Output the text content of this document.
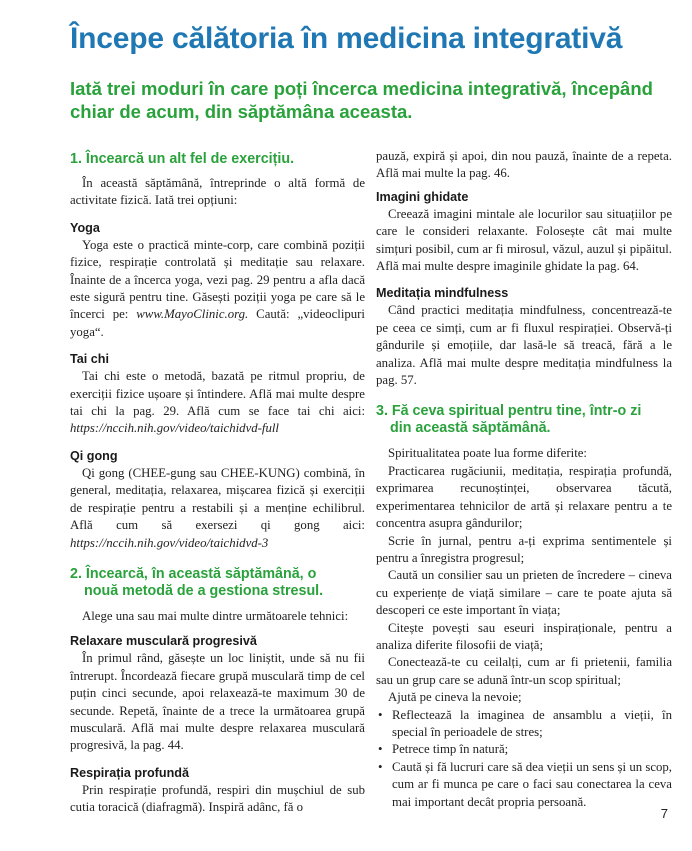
Începe călătoria în medicina integrativă
Iată trei moduri în care poți încerca medicina integrativă, începând chiar de acum, din săptămâna aceasta.
1. Încearcă un alt fel de exercițiu.

În această săptămână, întreprinde o altă formă de activitate fizică. Iată trei opțiuni:

Yoga

Yoga este o practică minte-corp, care combină poziții fizice, respirație controlată și meditație sau relaxare. Înainte de a încerca yoga, vezi pag. 29 pentru a afla dacă este sigură pentru tine. Găsești poziții yoga pe care să le încerci pe: www.MayoClinic.org. Caută: „videoclipuri yoga“.

Tai chi

Tai chi este o metodă, bazată pe ritmul propriu, de exerciții fizice ușoare și întindere. Află mai multe despre tai chi la pag. 29. Află cum se face tai chi aici: https://nccih.nih.gov/video/taichidvd-full

Qi gong

Qi gong (CHEE-gung sau CHEE-KUNG) combină, în general, meditația, relaxarea, mișcarea fizică și exerciții de respirație pentru a restabili și a menține echilibrul. Află cum să exersezi qi gong aici: https://nccih.nih.gov/video/taichidvd-3

2. Încearcă, în această săptămână, o
nouă metodă de a gestiona stresul.

Alege una sau mai multe dintre următoarele tehnici:

Relaxare musculară progresivă

În primul rând, găsește un loc liniștit, unde să nu fii întrerupt. Încordează fiecare grupă musculară timp de cel puțin cinci secunde, apoi relaxează-te maximum 30 de secunde. Repetă, înainte de a trece la următoarea grupă musculară. Află mai multe despre relaxarea musculară progresivă, la pag. 44.

Respirația profundă

Prin respirație profundă, respiri din mușchiul de sub cutia toracică (diafragmă). Inspiră adânc, fă o

pauză, expiră și apoi, din nou pauză, înainte de a repeta. Află mai multe la pag. 46.

Imagini ghidate

Creează imagini mintale ale locurilor sau situațiilor pe care le consideri relaxante. Folosește cât mai multe simțuri posibil, cum ar fi mirosul, văzul, auzul și pipăitul. Află mai multe despre imaginile ghidate la pag. 64.

Meditația mindfulness

Când practici meditația mindfulness, concentrează-te pe ceea ce simți, cum ar fi fluxul respirației. Observă-ți gândurile și emoțiile, dar lasă-le să treacă, fără a le analiza. Află mai multe despre meditația mindfulness la pag. 57.

3. Fă ceva spiritual pentru tine, într-o zi
din această săptămână.

Spiritualitatea poate lua forme diferite:

Practicarea rugăciunii, meditația, respirația profundă, exprimarea recunoștinței, observarea tăcută, experimentarea tehnicilor de artă și relaxare pentru a te concentra asupra gândurilor;

Scrie în jurnal, pentru a-ți exprima sentimentele și pentru a înregistra progresul;

Caută un consilier sau un prieten de încredere – cineva cu experiențe de viață similare – care te poate ajuta să descoperi ce este important în viața;

Citește povești sau eseuri inspiraționale, pentru a analiza diferite filosofii de viață;

Conectează-te cu ceilalți, cum ar fi prietenii, familia sau un grup care se adună într-un scop spiritual;

Ajută pe cineva la nevoie;

• Reflectează la imaginea de ansamblu a vieții, în special în perioadele de stres;
• Petrece timp în natură;
• Caută și fă lucruri care să dea vieții un sens și un scop, cum ar fi munca pe care o faci sau conectarea la ceva mai important decât propria persoană.
7
